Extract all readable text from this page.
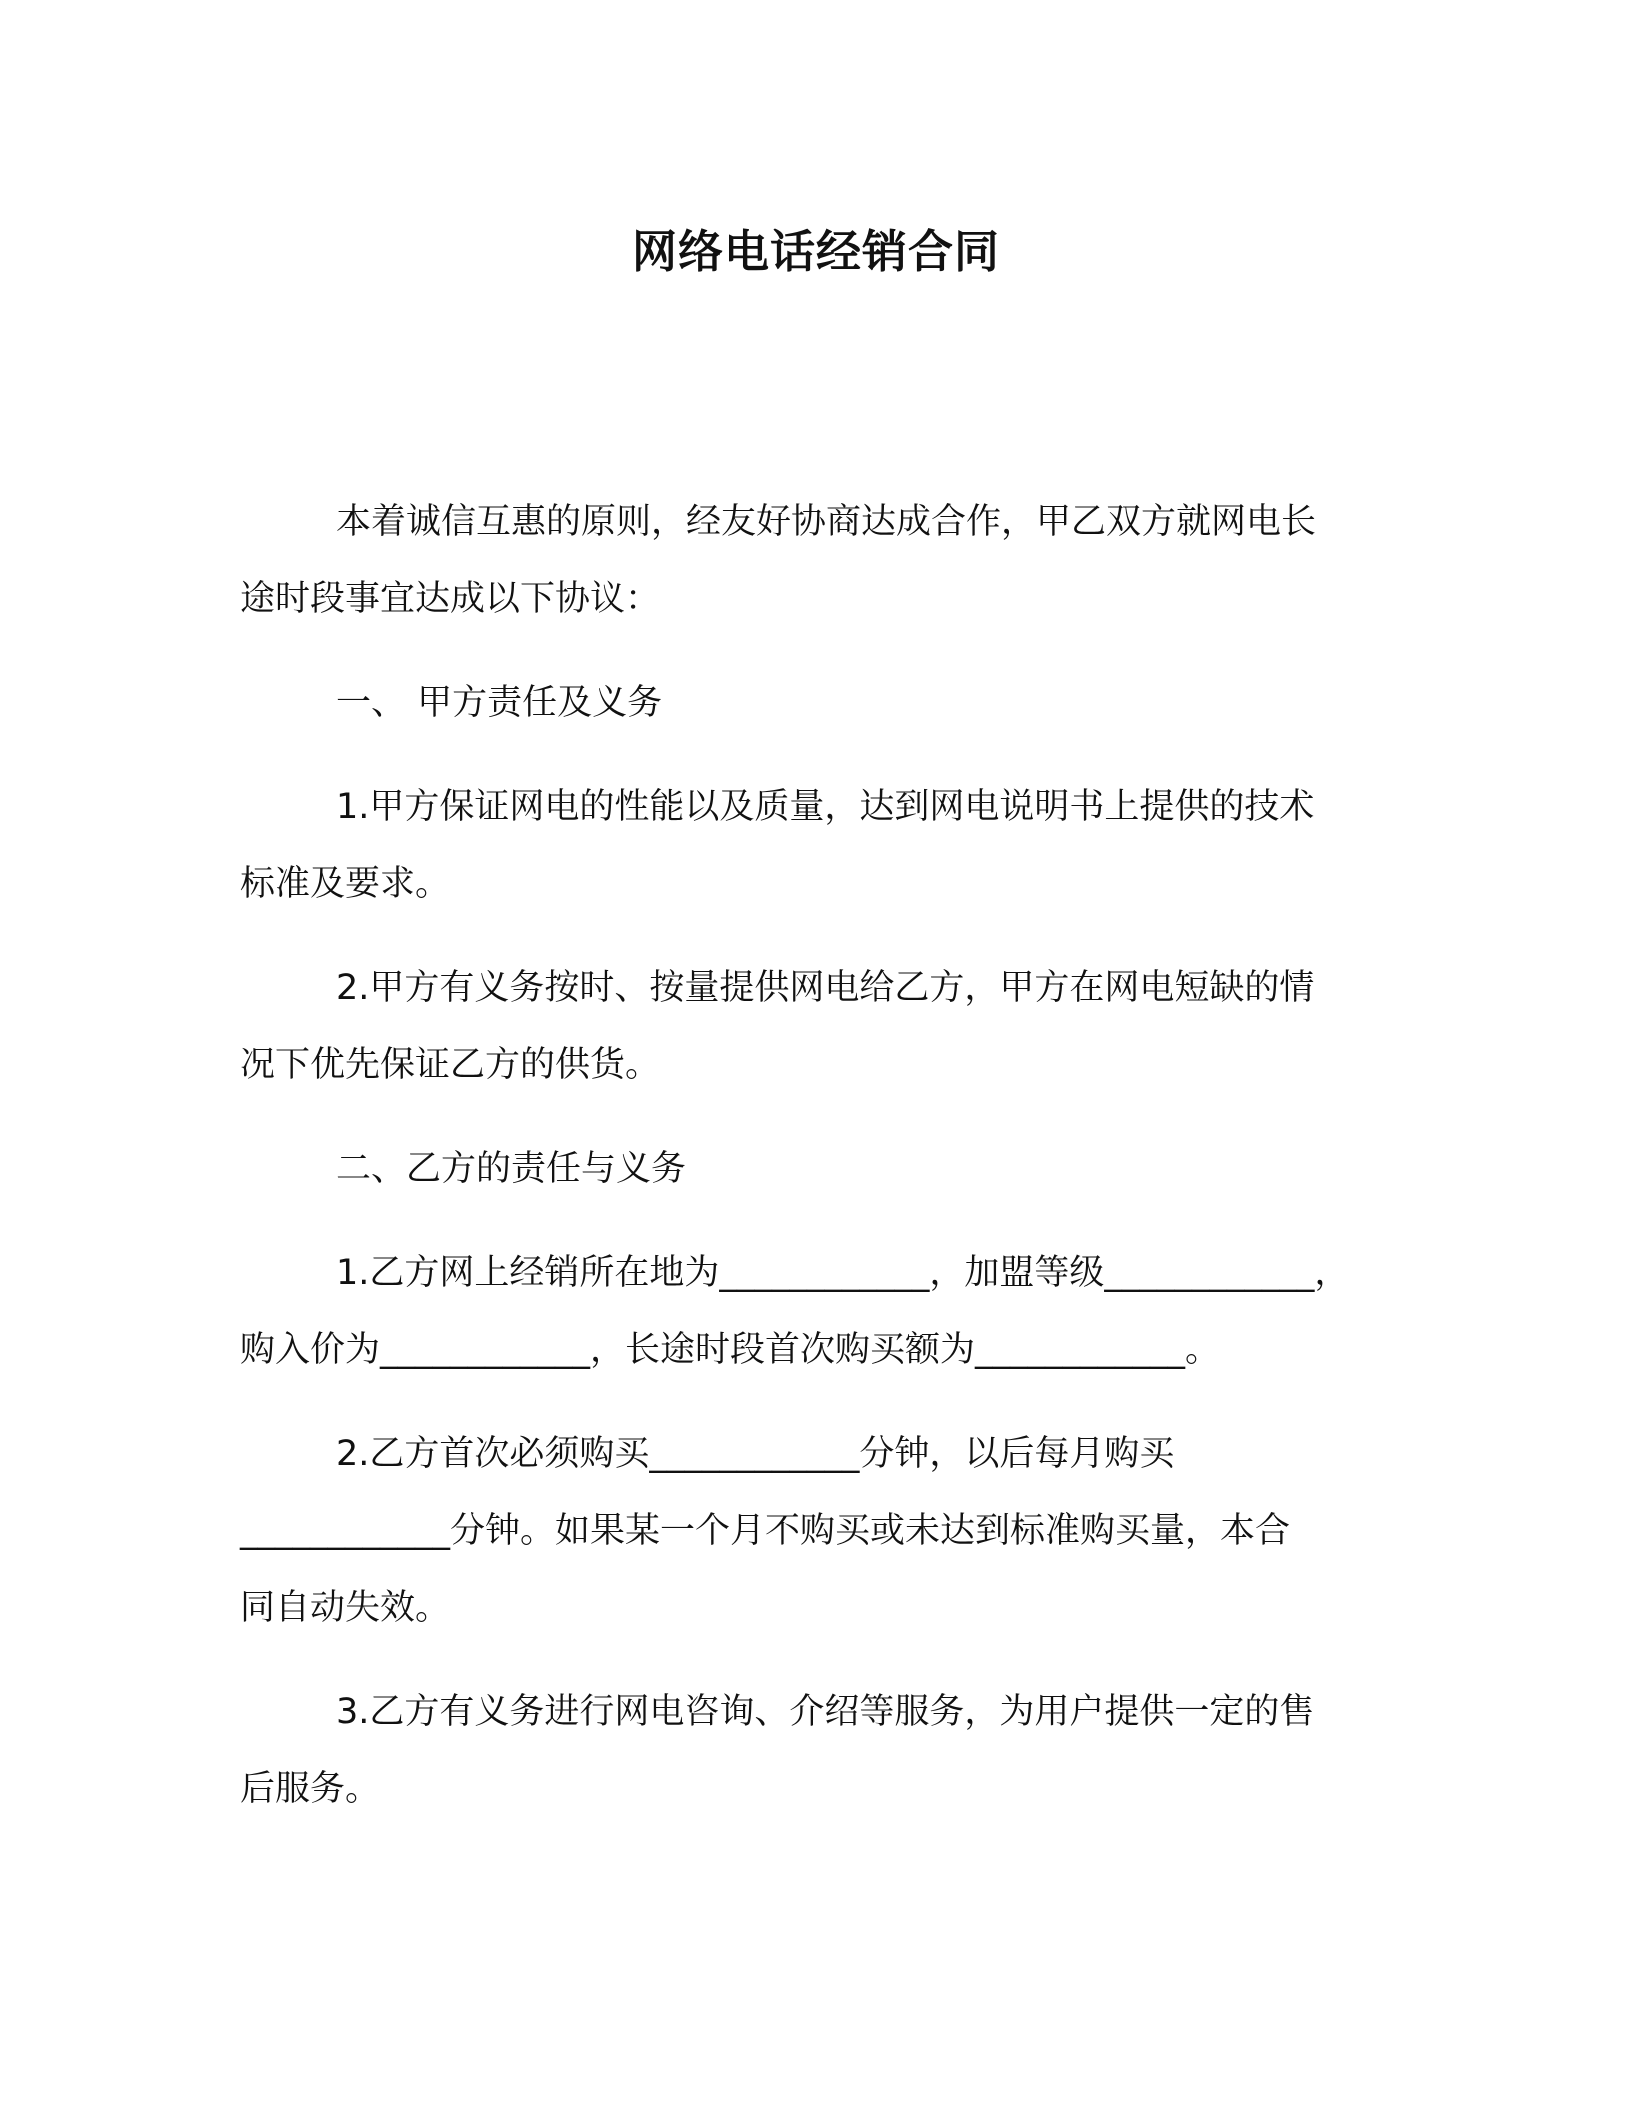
网络电话经销合同
本着诚信互惠的原则，经友好协商达成合作，甲乙双方就网电长
途时段事宜达成以下协议：
一、 甲方责任及义务
1.甲方保证网电的性能以及质量，达到网电说明书上提供的技术
标准及要求。
2.甲方有义务按时、按量提供网电给乙方，甲方在网电短缺的情
况下优先保证乙方的供货。
二、乙方的责任与义务
1.乙方网上经销所在地为____________，加盟等级____________，
购入价为____________，长途时段首次购买额为____________。
2.乙方首次必须购买____________分钟，以后每月购买
____________分钟。如果某一个月不购买或未达到标准购买量，本合
同自动失效。
3.乙方有义务进行网电咨询、介绍等服务，为用户提供一定的售
后服务。
